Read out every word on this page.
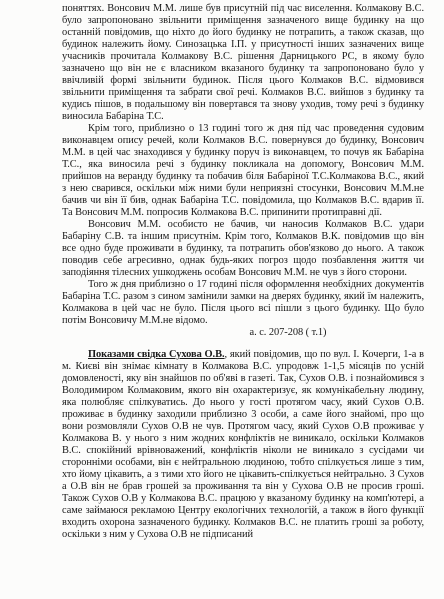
поняттях. Вонсович М.М. лише був присутній під час виселення. Колмакову В.С. було запропоновано звільнити приміщення зазначеного вище будинку на що останній повідомив, що ніхто до його будинку не потрапить, а також сказав, що будинок належить йому. Синозацька І.П. у присутності інших зазначених вище учасників прочитала Колмакову В.С. рішення Дарницького РС, в якому було зазначено що він не є власником вказаного будинку та запропоновано було у ввічливій формі звільнити будинок. Після цього Колмаков В.С. відмовився звільнити приміщення та забрати свої речі. Колмаков В.С. вийшов з будинку та кудись пішов, в подальшому він повертався та знову уходив, тому речі з будинку виносила Бабаріна Т.С.

Крім того, приблизно о 13 годині того ж дня під час проведення судовим виконавцем опису речей, коли Колмаков В.С. повернувся до будинку, Вонсович М.М. в цей час знаходився у будинку поруч із виконавцем, то почув як Бабаріна Т.С., яка виносила речі з будинку покликала на допомогу, Вонсович М.М. прийшов на веранду будинку та побачив біля Бабаріної Т.С.Колмакова В.С., який з нею сварився, оскільки між ними були неприязні стосунки, Вонсович М.М.не бачив чи він її бив, однак Бабаріна Т.С. повідомила, що Колмаков В.С. вдарив її. Та Вонсович М.М. попросив Колмакова В.С. припинити протиправні дії.

Вонсович М.М. особисто не бачив, чи наносив Колмаков В.С. удари Бабаріну С.В. та іншим присутнім. Крім того, Колмаков В.К. повідомив що він все одно буде проживати в будинку, та потрапить обов'язково до нього. А також поводив себе агресивно, однак будь-яких погроз щодо позбавлення життя чи заподіяння тілесних ушкоджень особам Вонсович М.М. не чув з його сторони.

Того ж дня приблизно о 17 годині після оформлення необхідних документів Бабаріна Т.С. разом з сином замінили замки на дверях будинку, який їм належить, Колмакова в цей час не було. Після цього всі пішли з цього будинку. Що було потім Вонсовичу М.М.не відомо.

а. с. 207-208 ( т.1)

Показами свідка Сухова О.В., який повідомив, що по вул. І. Кочерги, 1-а в м. Києві він знімає кімнату в Колмакова В.С. упродовж 1-1,5 місяців по усній домовленості, яку він знайшов по об'яві в газеті. Так, Сухов О.В. і познайомився з Володимиром Колмаковим, якого він охарактеризує, як комунікабельну людину, яка полюбляє спілкуватись. До нього у гості протягом часу, який Сухов О.В. проживає в будинку заходили приблизно 3 особи, а саме його знайомі, про що вони розмовляли Сухов О.В не чув. Протягом часу, який Сухов О.В проживає у Колмакова В. у нього з ним жодних конфліктів не виникало, оскільки Колмаков В.С. спокійний врівноважений, конфліктів ніколи не виникало з сусідами чи сторонніми особами, він є нейтральною людиною, тобто спілкується лише з тим, хто йому цікавить, а з тими хто його не цікавить-спілкується нейтрально. З Сухов а О.В він не брав грошей за проживання та він у Сухова О.В не просив гроші. Також Сухов О.В у Колмакова В.С. працюю у вказаному будинку на комп'ютері, а саме займаюся рекламою Центру екологічних технологій, а також в його функції входить охорона зазначеного будинку. Колмаков В.С. не платить гроші за роботу, оскільки з ним у Сухова О.В не підписаний
